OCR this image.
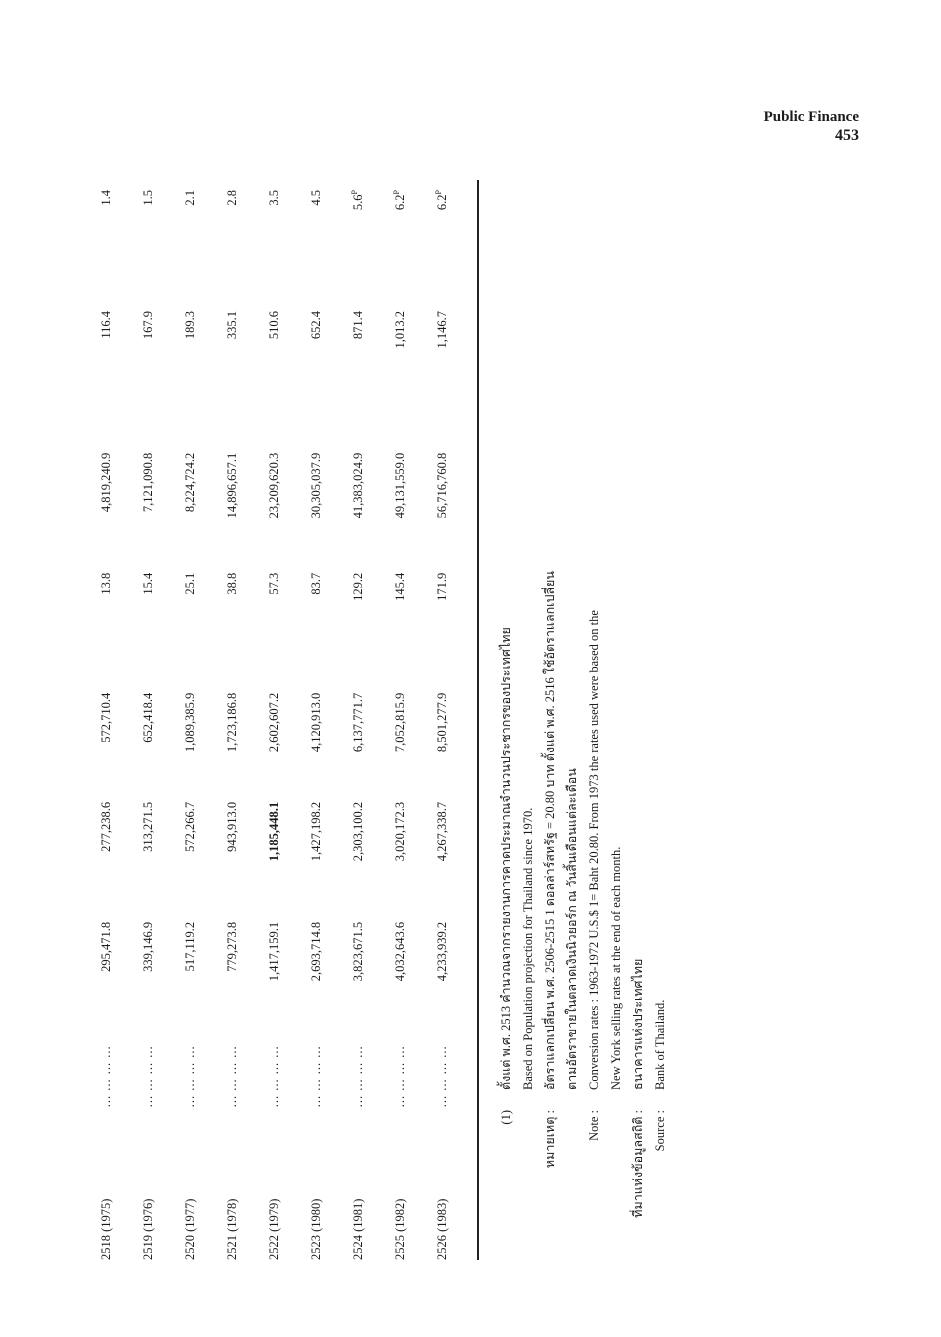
Public Finance
453
2518 (1975)	... ... ... ...	295,471.8	277,238.6	572,710.4	13.8	4,819,240.9	116.4	1.4
2519 (1976)	... ... ... ...	339,146.9	313,271.5	652,418.4	15.4	7,121,090.8	167.9	1.5
2520 (1977)	... ... ... ...	517,119.2	572,266.7	1,089,385.9	25.1	8,224,724.2	189.3	2.1
2521 (1978)	... ... ... ...	779,273.8	943,913.0	1,723,186.8	38.8	14,896,657.1	335.1	2.8
2522 (1979)	... ... ... ...	1,417,159.1	1,185,448.1	2,602,607.2	57.3	23,209,620.3	510.6	3.5
2523 (1980)	... ... ... ...	2,693,714.8	1,427,198.2	4,120,913.0	83.7	30,305,037.9	652.4	4.5
2524 (1981)	... ... ... ...	3,823,671.5	2,303,100.2	6,137,771.7	129.2	41,383,024.9	871.4	$5.6^P$
2525 (1982)	... ... ... ...	4,032,643.6	3,020,172.3	7,052,815.9	145.4	49,131,559.0	1,013.2	$6.2^P$
2526 (1983)	... ... ... ...	4,233,939.2	4,267,338.7	8,501,277.9	171.9	56,716,760.8	1,146.7	$6.2^P$
(1)
ตั้งแต่ พ.ศ. 2513 คำนวณจากรายงานการคาดประมาณจำนวนประชากรของประเทศไทย Based on Population projection for Thailand since 1970.
หมายเหตุ :
อัตราแลกเปลี่ยน พ.ศ. 2506-2515 1 ดอลล่าร์สหรัฐ = 20.80 บาท ตั้งแต่ พ.ศ. 2516 ใช้อัตราแลกเปลี่ยน ตามอัตราขายในตลาดเงินนิวยอร์ก ณ วันสิ้นเดือนแต่ละเดือน
Note :
Conversion rates : 1963-1972 U.S.$ 1= Baht 20.80. From 1973 the rates used were based on the New York selling rates at the end of each month.
ที่มาแห่งข้อมูลสถิติ :
ธนาคารแห่งประเทศไทย
Source :
Bank of Thailand.
